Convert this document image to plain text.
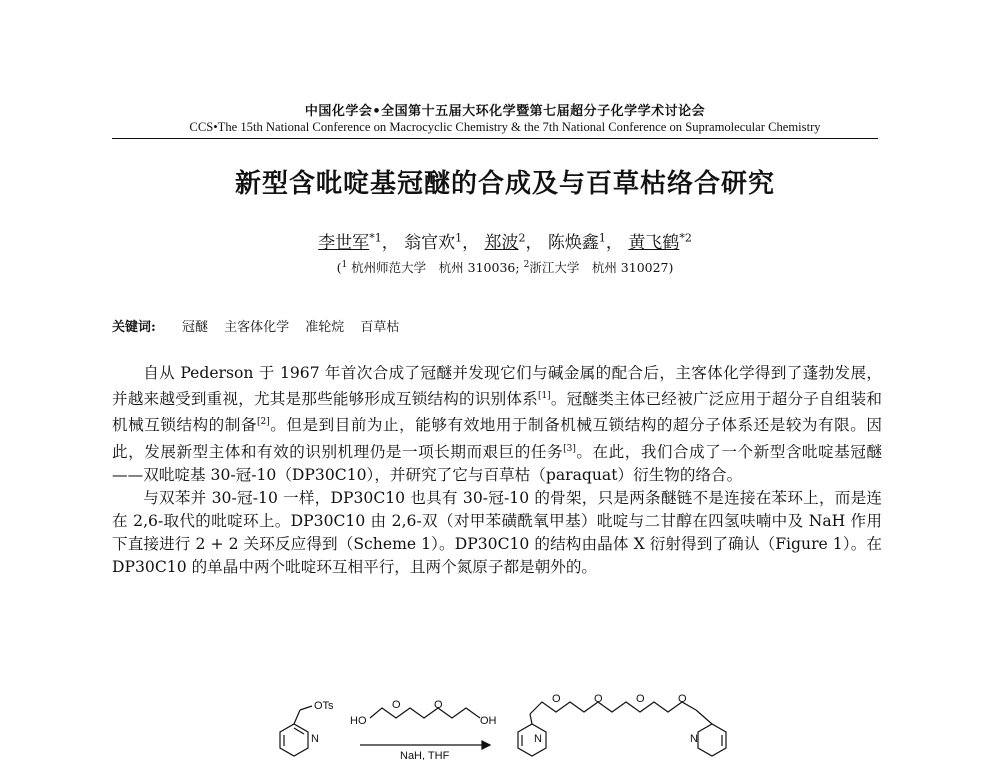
中国化学会•全国第十五届大环化学暨第七届超分子化学学术讨论会
CCS•The 15th National Conference on Macrocyclic Chemistry & the 7th National Conference on Supramolecular Chemistry
新型含吡啶基冠醚的合成及与百草枯络合研究
李世军$^{*1}$， 翁官欢$^1$， 郑波$^2$， 陈焕鑫$^1$， 黄飞鹤$^{*2}$
($^1$ 杭州师范大学　杭州 310036; $^2$浙江大学　杭州 310027)
关键词: 冠醚 主客体化学 准轮烷 百草枯

自从 Pederson 于 1967 年首次合成了冠醚并发现它们与碱金属的配合后，主客体化学得到了蓬勃发展，并越来越受到重视，尤其是那些能够形成互锁结构的识别体系[1]。冠醚类主体已经被广泛应用于超分子自组装和机械互锁结构的制备[2]。但是到目前为止，能够有效地用于制备机械互锁结构的超分子体系还是较为有限。因此，发展新型主体和有效的识别机理仍是一项长期而艰巨的任务[3]。在此，我们合成了一个新型含吡啶基冠醚——双吡啶基 30-冠-10（DP30C10），并研究了它与百草枯（paraquat）衍生物的络合。

与双苯并 30-冠-10 一样，DP30C10 也具有 30-冠-10 的骨架，只是两条醚链不是连接在苯环上，而是连在 2,6-取代的吡啶环上。DP30C10 由 2,6-双（对甲苯磺酰氧甲基）吡啶与二甘醇在四氢呋喃中及 NaH 作用下直接进行 2 + 2 关环反应得到（Scheme 1）。DP30C10 的结构由晶体 X 衍射得到了确认（Figure 1）。在 DP30C10 的单晶中两个吡啶环互相平行，且两个氮原子都是朝外的。

OTs
N
HO
O	O
OH
NaH, THF
O	O	O	O
N	N
